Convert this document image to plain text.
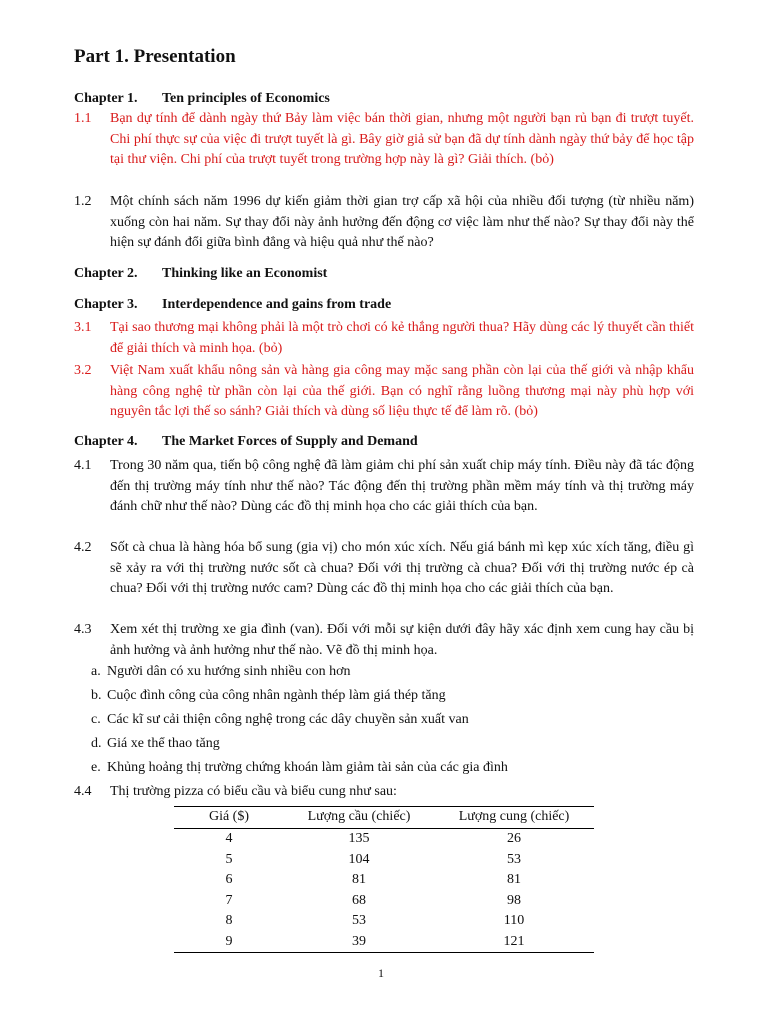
Part 1. Presentation
Chapter 1. Ten principles of Economics
1.1 Bạn dự tính để dành ngày thứ Bảy làm việc bán thời gian, nhưng một người bạn rủ bạn đi trượt tuyết. Chi phí thực sự của việc đi trượt tuyết là gì. Bây giờ giả sử bạn đã dự tính dành ngày thứ bảy để học tập tại thư viện. Chi phí của trượt tuyết trong trường hợp này là gì? Giải thích. (bỏ)
1.2 Một chính sách năm 1996 dự kiến giảm thời gian trợ cấp xã hội của nhiều đối tượng (từ nhiều năm) xuống còn hai năm. Sự thay đổi này ảnh hưởng đến động cơ việc làm như thế nào? Sự thay đổi này thể hiện sự đánh đổi giữa bình đẳng và hiệu quả như thế nào?
Chapter 2. Thinking like an Economist
Chapter 3. Interdependence and gains from trade
3.1 Tại sao thương mại không phải là một trò chơi có kẻ thắng người thua? Hãy dùng các lý thuyết cần thiết để giải thích và minh họa. (bỏ)
3.2 Việt Nam xuất khẩu nông sản và hàng gia công may mặc sang phần còn lại của thế giới và nhập khẩu hàng công nghệ từ phần còn lại của thế giới. Bạn có nghĩ rằng luồng thương mại này phù hợp với nguyên tắc lợi thế so sánh? Giải thích và dùng số liệu thực tế để làm rõ. (bỏ)
Chapter 4. The Market Forces of Supply and Demand
4.1 Trong 30 năm qua, tiến bộ công nghệ đã làm giảm chi phí sản xuất chip máy tính. Điều này đã tác động đến thị trường máy tính như thế nào? Tác động đến thị trường phần mềm máy tính và thị trường máy đánh chữ như thế nào? Dùng các đồ thị minh họa cho các giải thích của bạn.
4.2 Sốt cà chua là hàng hóa bổ sung (gia vị) cho món xúc xích. Nếu giá bánh mì kẹp xúc xích tăng, điều gì sẽ xảy ra với thị trường nước sốt cà chua? Đối với thị trường cà chua? Đối với thị trường nước ép cà chua? Đối với thị trường nước cam? Dùng các đồ thị minh họa cho các giải thích của bạn.
4.3 Xem xét thị trường xe gia đình (van). Đối với mỗi sự kiện dưới đây hãy xác định xem cung hay cầu bị ảnh hưởng và ảnh hưởng như thế nào. Vẽ đồ thị minh họa.
a. Người dân có xu hướng sinh nhiều con hơn
b. Cuộc đình công của công nhân ngành thép làm giá thép tăng
c. Các kĩ sư cải thiện công nghệ trong các dây chuyền sản xuất van
d. Giá xe thể thao tăng
e. Khủng hoảng thị trường chứng khoán làm giảm tài sản của các gia đình
4.4 Thị trường pizza có biểu cầu và biểu cung như sau:
Giá ($)	Lượng cầu (chiếc)	Lượng cung (chiếc)
4	135	26
5	104	53
6	81	81
7	68	98
8	53	110
9	39	121
1
